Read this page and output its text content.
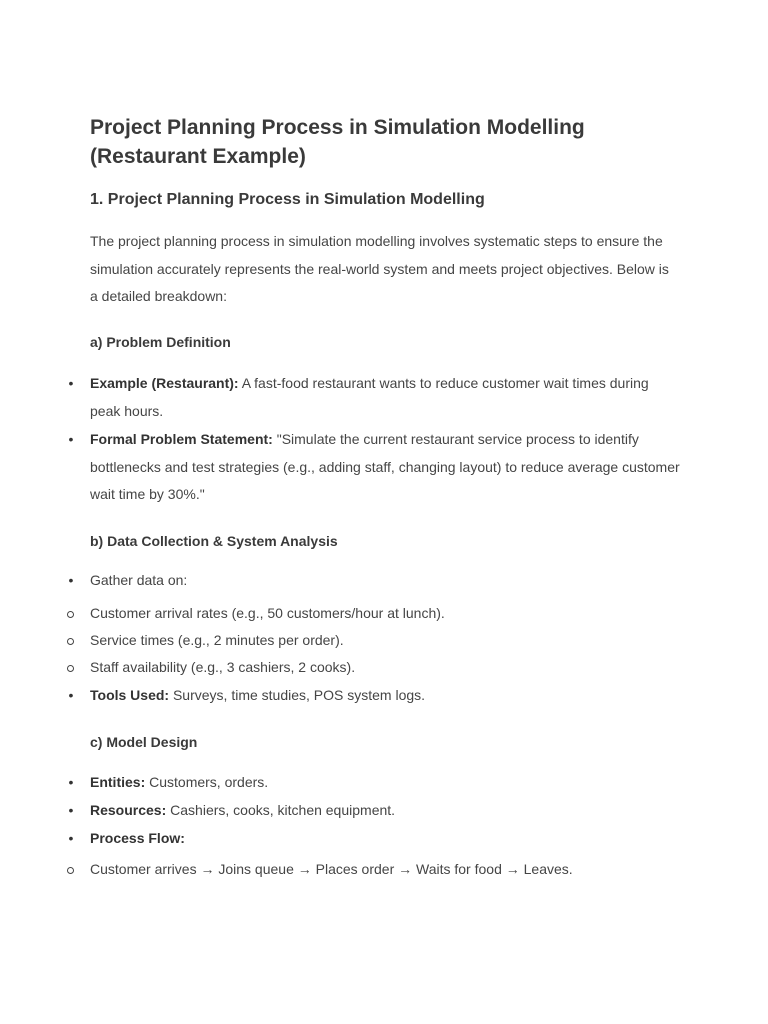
Project Planning Process in Simulation Modelling (Restaurant Example)
1. Project Planning Process in Simulation Modelling

The project planning process in simulation modelling involves systematic steps to ensure the simulation accurately represents the real-world system and meets project objectives. Below is a detailed breakdown:

a) Problem Definition
• Example (Restaurant): A fast-food restaurant wants to reduce customer wait times during peak hours.
• Formal Problem Statement: "Simulate the current restaurant service process to identify bottlenecks and test strategies (e.g., adding staff, changing layout) to reduce average customer wait time by 30%."
b) Data Collection & System Analysis
• Gather data on:
Customer arrival rates (e.g., 50 customers/hour at lunch).
Service times (e.g., 2 minutes per order).
Staff availability (e.g., 3 cashiers, 2 cooks).
• Tools Used: Surveys, time studies, POS system logs.
c) Model Design
• Entities: Customers, orders.
• Resources: Cashiers, cooks, kitchen equipment.
• Process Flow:
Customer arrives → Joins queue → Places order → Waits for food → Leaves.
